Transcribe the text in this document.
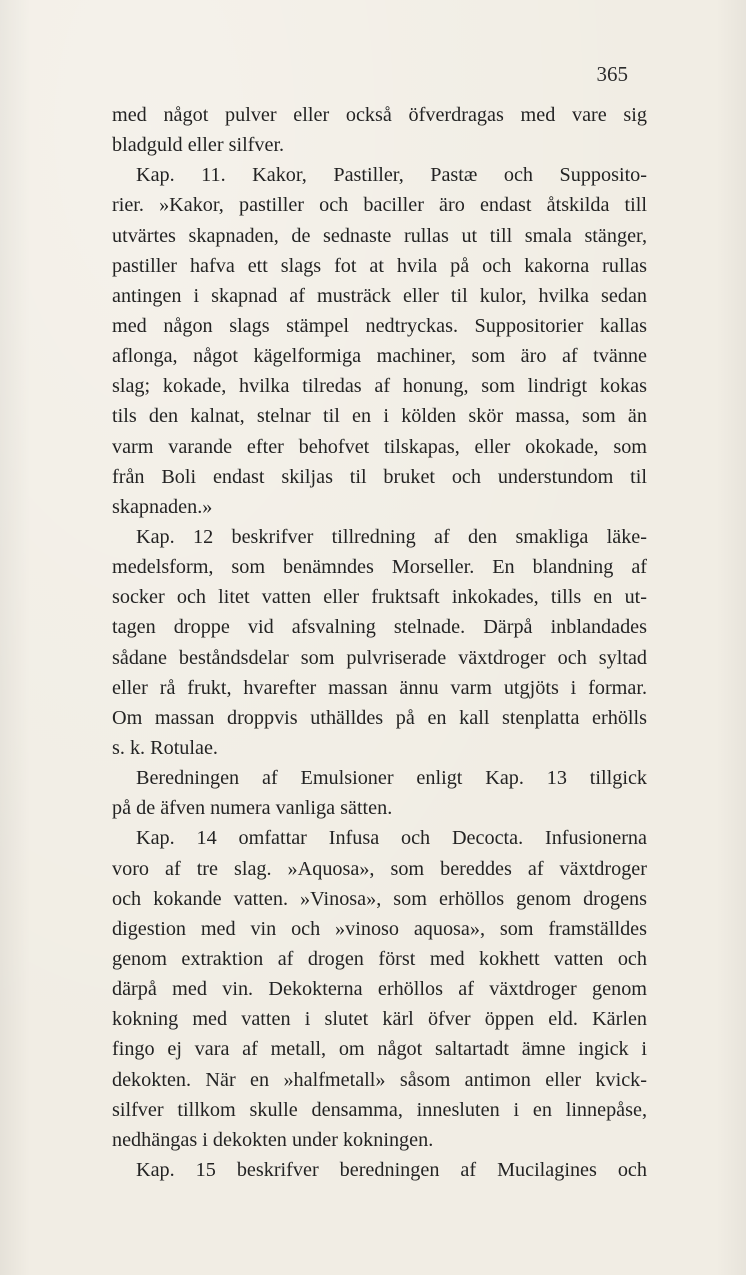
365
med något pulver eller också öfverdragas med vare sig
bladguld eller silfver.
Kap. 11. Kakor, Pastiller, Pastæ och Supposito-
rier. »Kakor, pastiller och baciller äro endast åtskilda till
utvärtes skapnaden, de sednaste rullas ut till smala stänger,
pastiller hafva ett slags fot at hvila på och kakorna rullas
antingen i skapnad af musträck eller til kulor, hvilka sedan
med någon slags stämpel nedtryckas. Suppositorier kallas
aflonga, något kägelformiga machiner, som äro af tvänne
slag; kokade, hvilka tilredas af honung, som lindrigt kokas
tils den kalnat, stelnar til en i kölden skör massa, som än
varm varande efter behofvet tilskapas, eller okokade, som
från Boli endast skiljas til bruket och understundom til
skapnaden.»
Kap. 12 beskrifver tillredning af den smakliga läke-
medelsform, som benämndes Morseller. En blandning af
socker och litet vatten eller fruktsaft inkokades, tills en ut-
tagen droppe vid afsvalning stelnade. Därpå inblandades
sådane beståndsdelar som pulvriserade växtdroger och syltad
eller rå frukt, hvarefter massan ännu varm utgjöts i formar.
Om massan droppvis uthälldes på en kall stenplatta erhölls
s. k. Rotulae.
Beredningen af Emulsioner enligt Kap. 13 tillgick
på de äfven numera vanliga sätten.
Kap. 14 omfattar Infusa och Decocta. Infusionerna
voro af tre slag. »Aquosa», som bereddes af växtdroger
och kokande vatten. »Vinosa», som erhöllos genom drogens
digestion med vin och »vinoso aquosa», som framställdes
genom extraktion af drogen först med kokhett vatten och
därpå med vin. Dekokterna erhöllos af växtdroger genom
kokning med vatten i slutet kärl öfver öppen eld. Kärlen
fingo ej vara af metall, om något saltartadt ämne ingick i
dekokten. När en »halfmetall» såsom antimon eller kvick-
silfver tillkom skulle densamma, innesluten i en linnepåse,
nedhängas i dekokten under kokningen.
Kap. 15 beskrifver beredningen af Mucilagines och
